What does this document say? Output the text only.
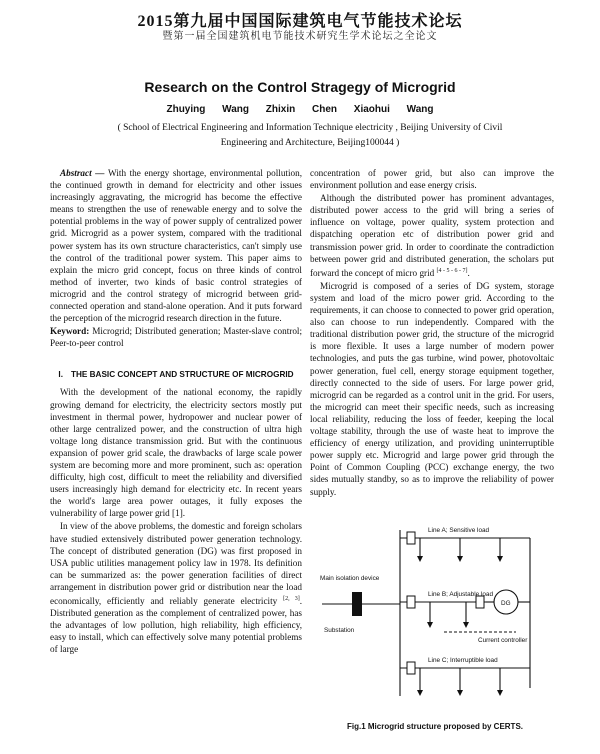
2015第九届中国国际建筑电气节能技术论坛
暨第一届全国建筑机电节能技术研究生学术论坛之全论文
Research on the Control Stragegy of Microgrid
Zhuying Wang Zhixin Chen Xiaohui Wang
( School of Electrical Engineering and Information Technique electricity , Beijing University of Civil Engineering and Architecture, Beijing100044 )

Abstract — With the energy shortage, environmental pollution, the continued growth in demand for electricity and other issues increasingly aggravating, the microgrid has become the effective means to strengthen the use of renewable energy and to solve the potential problems in the way of power supply of centralized power grid. Microgrid as a power system, compared with the traditional power system has its own structure characteristics, can't simply use the control of the traditional power system. This paper aims to explain the micro grid concept, focus on three kinds of control method of inverter, two kinds of basic control strategies of microgrid and the control strategy of microgrid between grid-connected operation and stand-alone operation. And it puts forward the perception of the microgrid research direction in the future.

Keyword: Microgrid; Distributed generation; Master-slave control; Peer-to-peer control

I. THE BASIC CONCEPT AND STRUCTURE OF MICROGRID

With the development of the national economy, the rapidly growing demand for electricity, the electricity sectors mostly put investment in thermal power, hydropower and nuclear power of other large centralized power, and the construction of ultra high voltage long distance transmission grid. But with the continuous expansion of power grid scale, the drawbacks of large scale power system are becoming more and more prominent, such as: operation difficulty, high cost, difficult to meet the reliability and diversified users increasingly high demand for electricity etc. In recent years the world's large area power outages, it fully exposes the vulnerability of large power grid [1].

In view of the above problems, the domestic and foreign scholars have studied extensively distributed power generation technology. The concept of distributed generation (DG) was first proposed in USA public utilities management policy law in 1978. Its definition can be summarized as: the power generation facilities of direct arrangement in distribution power grid or distribution near the load economically, efficiently and reliably generate electricity [2, 3]. Distributed generation as the complement of centralized power, has the advantages of low pollution, high reliability, high efficiency, easy to install, which can effectively solve many potential problems of large

concentration of power grid, but also can improve the environment pollution and ease energy crisis.

Although the distributed power has prominent advantages, distributed power access to the grid will bring a series of influence on voltage, power quality, system protection and dispatching operation etc of distribution power grid and transmission power grid. In order to coordinate the contradiction between power grid and distributed generation, the scholars put forward the concept of micro grid [4 - 5 - 6 - 7].

Microgrid is composed of a series of DG system, storage system and load of the micro power grid. According to the requirements, it can choose to connected to power grid operation, also can choose to run independently. Compared with the traditional distribution power grid, the structure of the microgrid is more flexible. It uses a large number of modern power technologies, and puts the gas turbine, wind power, photovoltaic power generation, fuel cell, energy storage equipment together, directly connected to the side of users. For large power grid, microgrid can be regarded as a control unit in the grid. For users, the microgrid can meet their specific needs, such as increasing local reliability, reducing the loss of feeder, keeping the local voltage stability, through the use of waste heat to improve the efficiency of energy utilization, and providing uninterruptible power supply etc. Microgrid and large power grid through the Point of Common Coupling (PCC) exchange energy, the two sides mutually standby, so as to improve the reliability of power supply.

Main isolation device
Substation
Line A; Sensitive load
Line B; Adjustable load
Line C; Interruptible load
Current controller
DG
Fig.1 Microgrid structure proposed by CERTS.
